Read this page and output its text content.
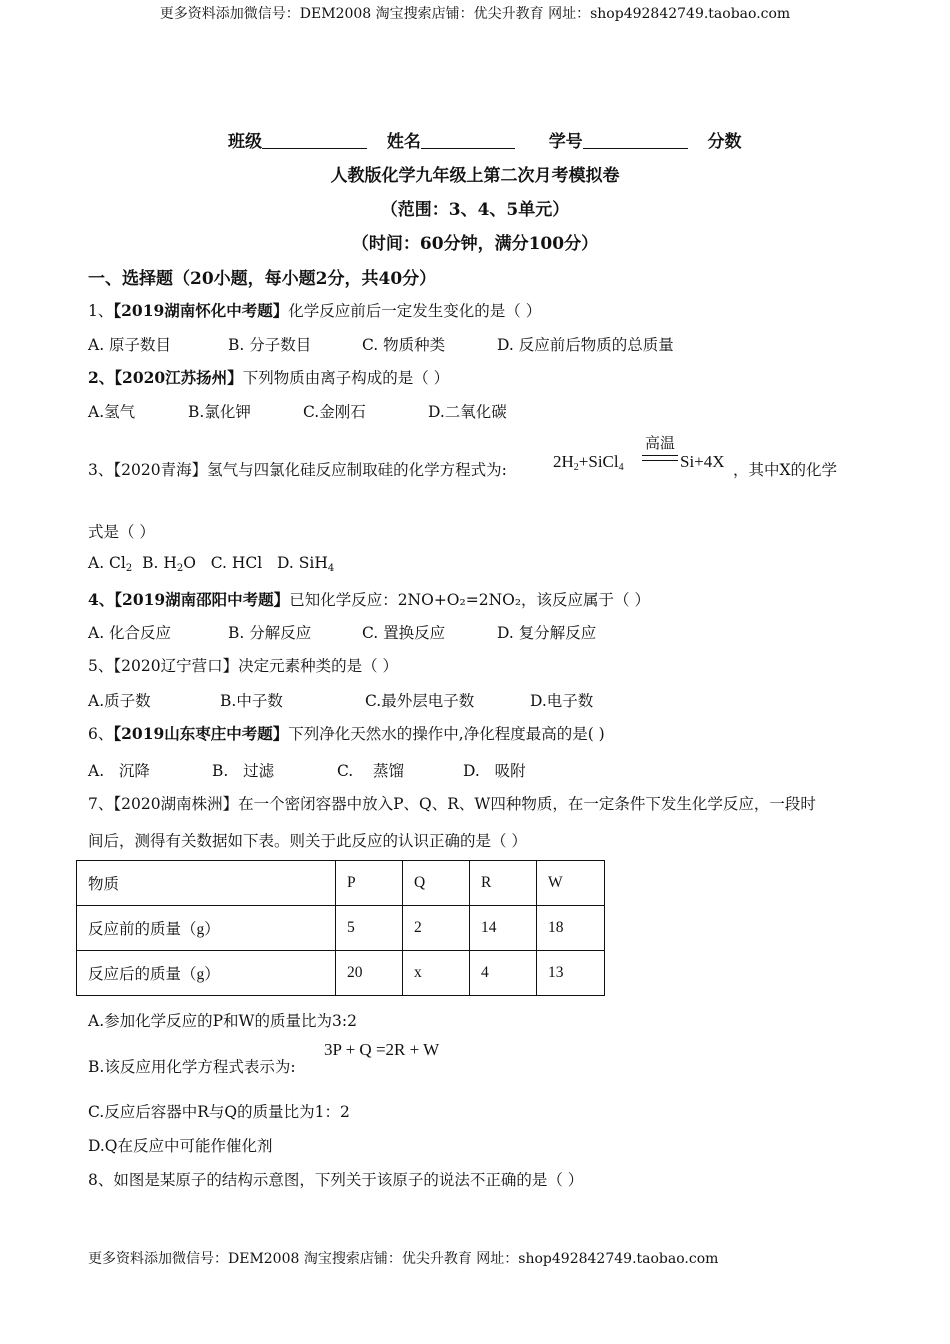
更多资料添加微信号：DEM2008 淘宝搜索店铺：优尖升教育 网址：shop492842749.taobao.com
更多资料添加微信号：DEM2008 淘宝搜索店铺：优尖升教育 网址：shop492842749.taobao.com
班级	姓名	学号	分数
人教版化学九年级上第二次月考模拟卷
（范围：3、4、5单元）
（时间：60分钟，满分100分）
一、选择题（20小题，每小题2分，共40分）
1、【2019湖南怀化中考题】化学反应前后一定发生变化的是（ ）
A. 原子数目	B. 分子数目	C. 物质种类	D. 反应前后物质的总质量
2、【2020江苏扬州】下列物质由离子构成的是（ ）
A.氢气	B.氯化钾	C.金刚石	D.二氧化碳
3、【2020青海】氢气与四氯化硅反应制取硅的化学方程式为:	$2H_2+SiCl_4$
高温
Si+4X ，其中X的化学
式是（ ）
A. $Cl_2$ B. $H_2O$ C. HCl D. SiH$_4$
4、【2019湖南邵阳中考题】已知化学反应：2NO+O₂=2NO₂，该反应属于（ ）
A. 化合反应	B. 分解反应	C. 置换反应	D. 复分解反应
5、【2020辽宁营口】决定元素种类的是（ ）
A.质子数	B.中子数	C.最外层电子数	D.电子数
6、【2019山东枣庄中考题】下列净化天然水的操作中,净化程度最高的是( )
A.   沉降	B.   过滤	C.    蒸馏	D.   吸附
7、【2020湖南株洲】在一个密闭容器中放入P、Q、R、W四种物质，在一定条件下发生化学反应，一段时
间后，测得有关数据如下表。则关于此反应的认识正确的是（ ）
物质	P	Q	R	W
反应前的质量（g）	5	2	14	18
反应后的质量（g）	20	x	4	13
A.参加化学反应的P和W的质量比为3:2
B.该反应用化学方程式表示为:
3P + Q =2R + W
C.反应后容器中R与Q的质量比为1：2
D.Q在反应中可能作催化剂
8、如图是某原子的结构示意图，下列关于该原子的说法不正确的是（ ）
